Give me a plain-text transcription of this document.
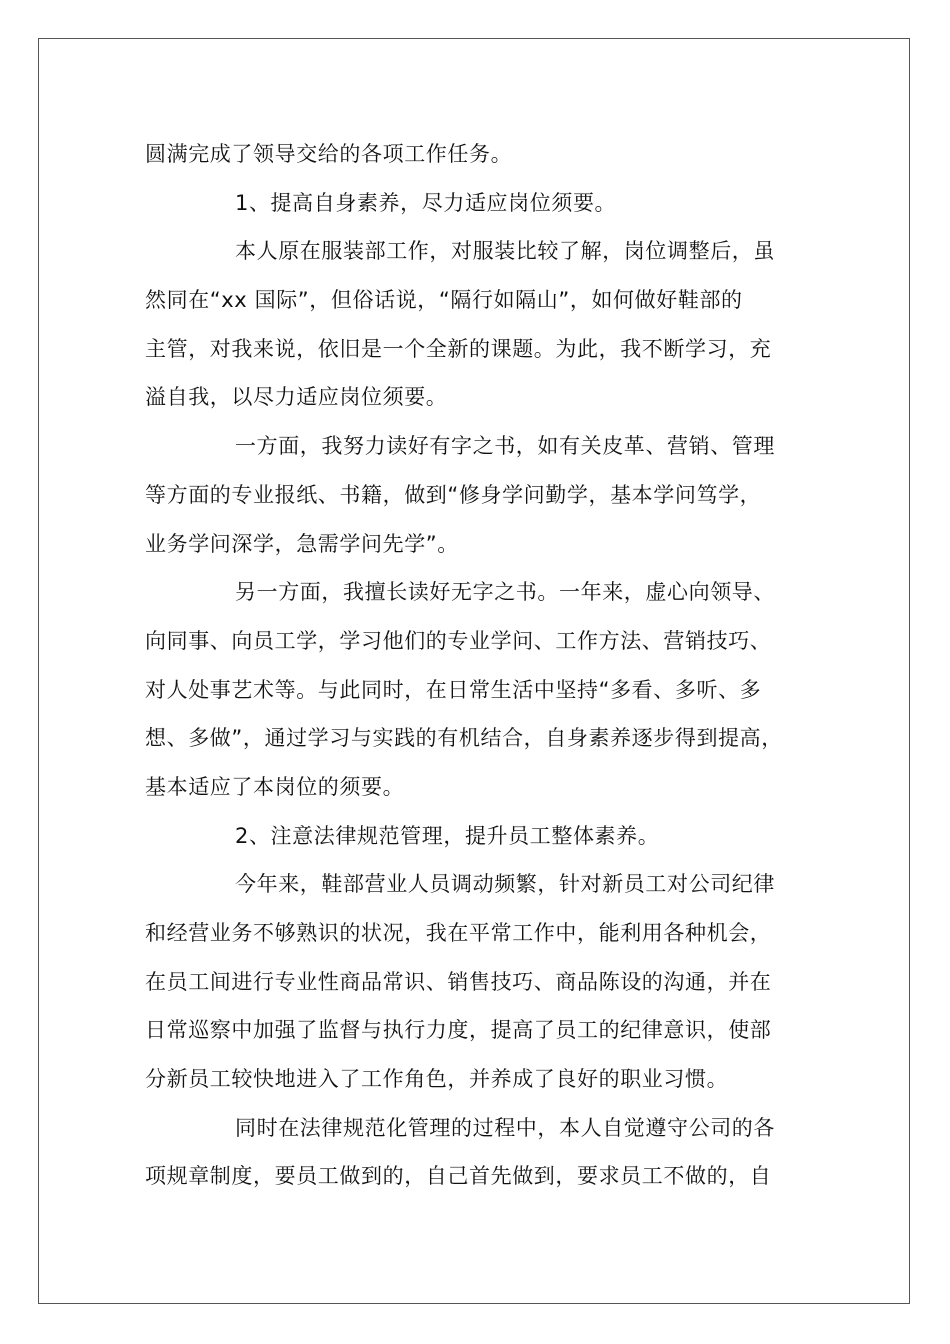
圆满完成了领导交给的各项工作任务。
1、提高自身素养，尽力适应岗位须要。
本人原在服装部工作，对服装比较了解，岗位调整后，虽
然同在“xx 国际”，但俗话说，“隔行如隔山”，如何做好鞋部的
主管，对我来说，依旧是一个全新的课题。为此，我不断学习，充
溢自我，以尽力适应岗位须要。
一方面，我努力读好有字之书，如有关皮革、营销、管理
等方面的专业报纸、书籍，做到“修身学问勤学，基本学问笃学，
业务学问深学，急需学问先学”。
另一方面，我擅长读好无字之书。一年来，虚心向领导、
向同事、向员工学，学习他们的专业学问、工作方法、营销技巧、
对人处事艺术等。与此同时，在日常生活中坚持“多看、多听、多
想、多做”，通过学习与实践的有机结合，自身素养逐步得到提高，
基本适应了本岗位的须要。
2、注意法律规范管理，提升员工整体素养。
今年来，鞋部营业人员调动频繁，针对新员工对公司纪律
和经营业务不够熟识的状况，我在平常工作中，能利用各种机会，
在员工间进行专业性商品常识、销售技巧、商品陈设的沟通，并在
日常巡察中加强了监督与执行力度，提高了员工的纪律意识，使部
分新员工较快地进入了工作角色，并养成了良好的职业习惯。
同时在法律规范化管理的过程中，本人自觉遵守公司的各
项规章制度，要员工做到的，自己首先做到，要求员工不做的，自
